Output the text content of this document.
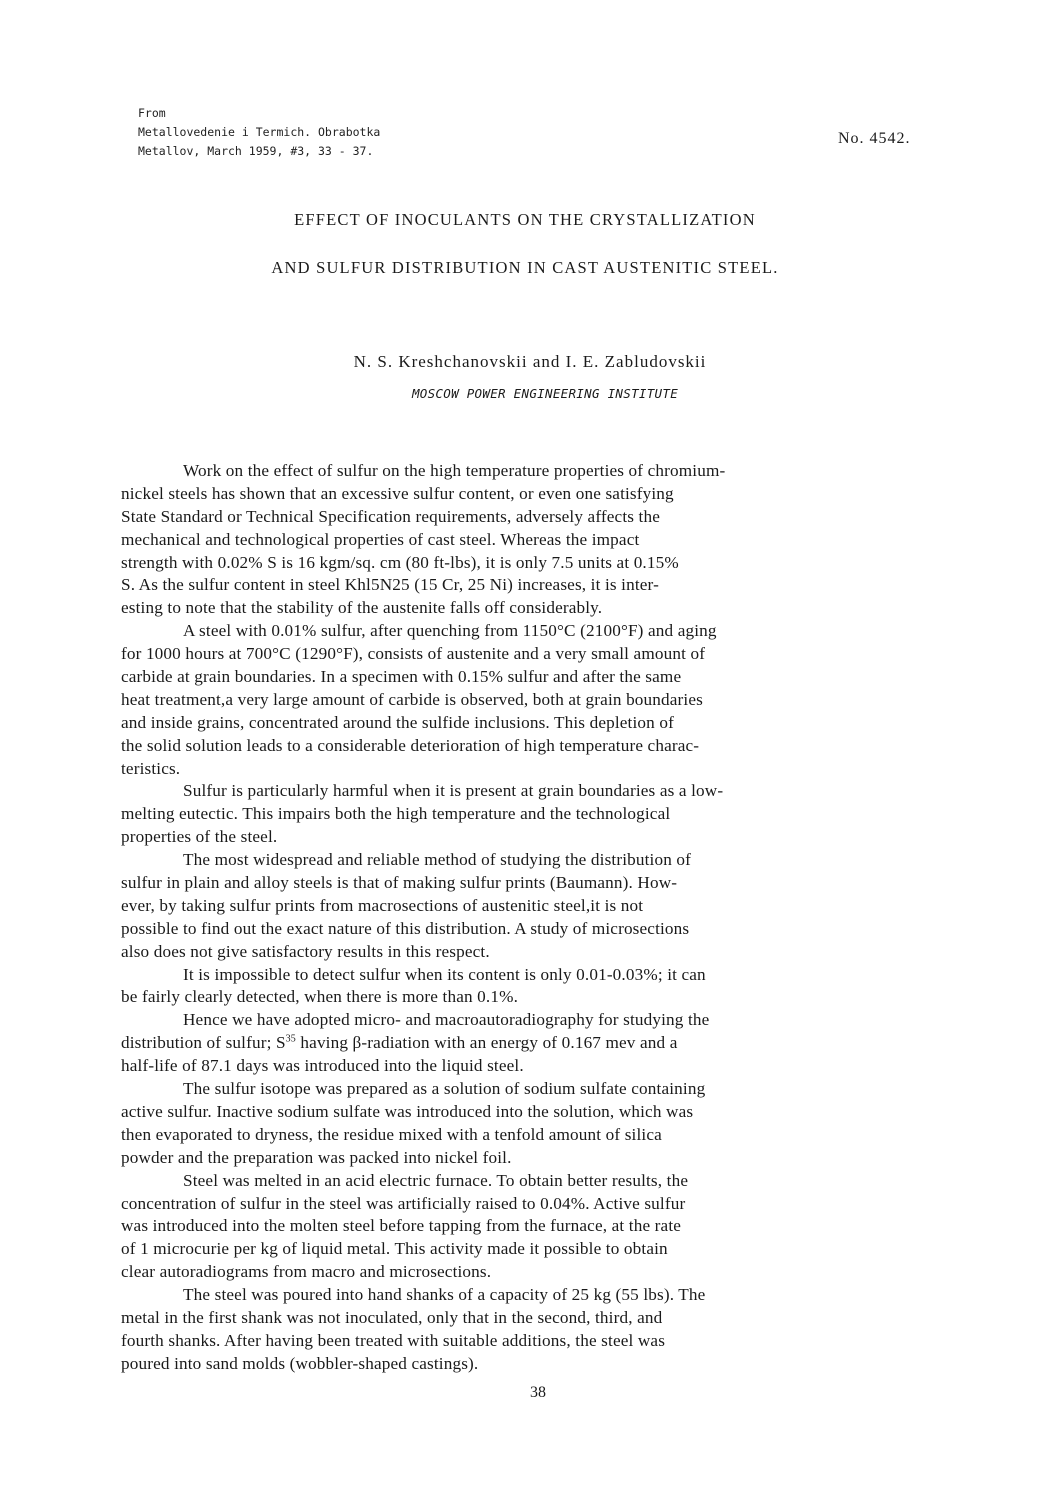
From
Metallovedenie i Termich. Obrabotka
Metallov, March 1959, #3, 33 - 37.
No. 4542.
EFFECT OF INOCULANTS ON THE CRYSTALLIZATION
AND SULFUR DISTRIBUTION IN CAST AUSTENITIC STEEL.
N. S. Kreshchanovskii and I. E. Zabludovskii
MOSCOW POWER ENGINEERING INSTITUTE
Work on the effect of sulfur on the high temperature properties of chromium-
nickel steels has shown that an excessive sulfur content, or even one satisfying
State Standard or Technical Specification requirements, adversely affects the
mechanical and technological properties of cast steel. Whereas the impact
strength with 0.02% S is 16 kgm/sq. cm (80 ft-lbs), it is only 7.5 units at 0.15%
S. As the sulfur content in steel Khl5N25 (15 Cr, 25 Ni) increases, it is inter-
esting to note that the stability of the austenite falls off considerably.
A steel with 0.01% sulfur, after quenching from 1150°C (2100°F) and aging
for 1000 hours at 700°C (1290°F), consists of austenite and a very small amount of
carbide at grain boundaries. In a specimen with 0.15% sulfur and after the same
heat treatment,a very large amount of carbide is observed, both at grain boundaries
and inside grains, concentrated around the sulfide inclusions. This depletion of
the solid solution leads to a considerable deterioration of high temperature charac-
teristics.
Sulfur is particularly harmful when it is present at grain boundaries as a low-
melting eutectic. This impairs both the high temperature and the technological
properties of the steel.
The most widespread and reliable method of studying the distribution of
sulfur in plain and alloy steels is that of making sulfur prints (Baumann). How-
ever, by taking sulfur prints from macrosections of austenitic steel,it is not
possible to find out the exact nature of this distribution. A study of microsections
also does not give satisfactory results in this respect.
It is impossible to detect sulfur when its content is only 0.01-0.03%; it can
be fairly clearly detected, when there is more than 0.1%.
Hence we have adopted micro- and macroautoradiography for studying the
distribution of sulfur; $S^{35}$ having β-radiation with an energy of 0.167 mev and a
half-life of 87.1 days was introduced into the liquid steel.
The sulfur isotope was prepared as a solution of sodium sulfate containing
active sulfur. Inactive sodium sulfate was introduced into the solution, which was
then evaporated to dryness, the residue mixed with a tenfold amount of silica
powder and the preparation was packed into nickel foil.
Steel was melted in an acid electric furnace. To obtain better results, the
concentration of sulfur in the steel was artificially raised to 0.04%. Active sulfur
was introduced into the molten steel before tapping from the furnace, at the rate
of 1 microcurie per kg of liquid metal. This activity made it possible to obtain
clear autoradiograms from macro and microsections.
The steel was poured into hand shanks of a capacity of 25 kg (55 lbs). The
metal in the first shank was not inoculated, only that in the second, third, and
fourth shanks. After having been treated with suitable additions, the steel was
poured into sand molds (wobbler-shaped castings).
38
